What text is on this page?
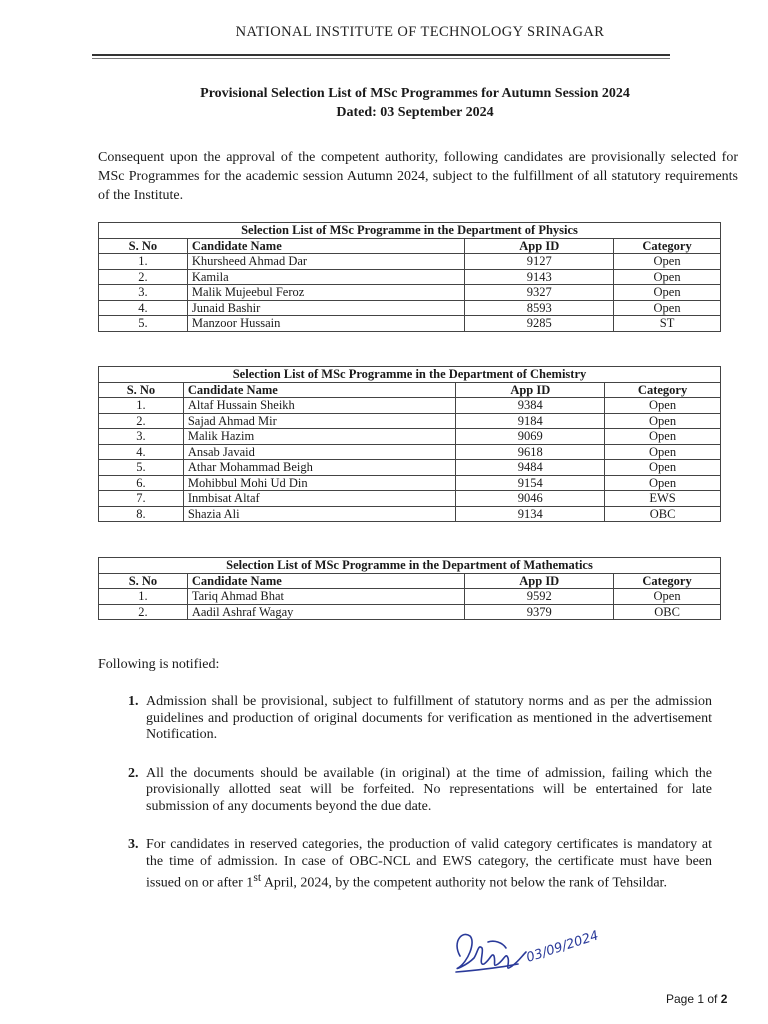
NATIONAL INSTITUTE OF TECHNOLOGY SRINAGAR
Provisional Selection List of MSc Programmes for Autumn Session 2024
Dated: 03 September 2024
Consequent upon the approval of the competent authority, following candidates are provisionally selected for MSc Programmes for the academic session Autumn 2024, subject to the fulfillment of all statutory requirements of the Institute.
Selection List of MSc Programme in the Department of Physics			
S. No	Candidate Name	App ID	Category
1.	Khursheed Ahmad Dar	9127	Open
2.	Kamila	9143	Open
3.	Malik Mujeebul Feroz	9327	Open
4.	Junaid Bashir	8593	Open
5.	Manzoor Hussain	9285	ST
Selection List of MSc Programme in the Department of Chemistry			
S. No	Candidate Name	App ID	Category
1.	Altaf Hussain Sheikh	9384	Open
2.	Sajad Ahmad Mir	9184	Open
3.	Malik Hazim	9069	Open
4.	Ansab Javaid	9618	Open
5.	Athar Mohammad Beigh	9484	Open
6.	Mohibbul Mohi Ud Din	9154	Open
7.	Inmbisat Altaf	9046	EWS
8.	Shazia Ali	9134	OBC
Selection List of MSc Programme in the Department of Mathematics			
S. No	Candidate Name	App ID	Category
1.	Tariq Ahmad Bhat	9592	Open
2.	Aadil Ashraf Wagay	9379	OBC
Following is notified:
1. Admission shall be provisional, subject to fulfillment of statutory norms and as per the admission guidelines and production of original documents for verification as mentioned in the advertisement Notification.
2. All the documents should be available (in original) at the time of admission, failing which the provisionally allotted seat will be forfeited. No representations will be entertained for late submission of any documents beyond the due date.
3. For candidates in reserved categories, the production of valid category certificates is mandatory at the time of admission. In case of OBC-NCL and EWS category, the certificate must have been issued on or after 1st April, 2024, by the competent authority not below the rank of Tehsildar.
03/09/2024
Page 1 of 2
